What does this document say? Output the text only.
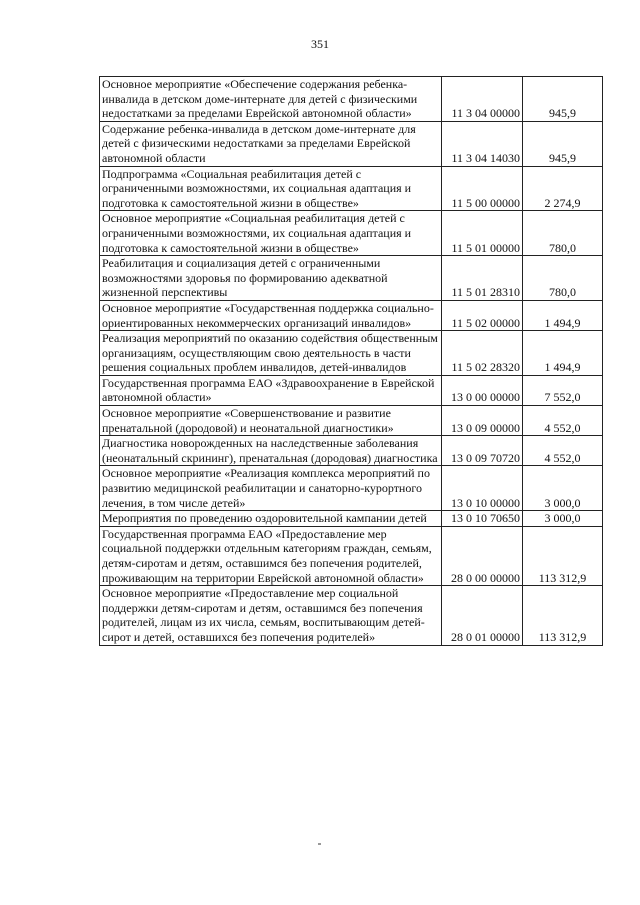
351
Основное мероприятие «Обеспечение содержания ребенка-инвалида в детском доме-интернате для детей с физическими недостатками за пределами Еврейской автономной области»	11 3 04 00000	945,9
Содержание ребенка-инвалида в детском доме-интернате для детей с физическими недостатками за пределами Еврейской автономной области	11 3 04 14030	945,9
Подпрограмма «Социальная реабилитация детей с ограниченными возможностями, их социальная адаптация и подготовка к самостоятельной жизни в обществе»	11 5 00 00000	2 274,9
Основное мероприятие «Социальная реабилитация детей с ограниченными возможностями, их социальная адаптация и подготовка к самостоятельной жизни в обществе»	11 5 01 00000	780,0
Реабилитация и социализация детей с ограниченными возможностями здоровья по формированию адекватной жизненной перспективы	11 5 01 28310	780,0
Основное мероприятие «Государственная поддержка социально-ориентированных некоммерческих организаций инвалидов»	11 5 02 00000	1 494,9
Реализация мероприятий по оказанию содействия общественным организациям, осуществляющим свою деятельность в части решения социальных проблем инвалидов, детей-инвалидов	11 5 02 28320	1 494,9
Государственная программа ЕАО «Здравоохранение в Еврейской автономной области»	13 0 00 00000	7 552,0
Основное мероприятие «Совершенствование и развитие пренатальной (дородовой) и неонатальной диагностики»	13 0 09 00000	4 552,0
Диагностика новорожденных на наследственные заболевания (неонатальный скрининг), пренатальная (дородовая) диагностика	13 0 09 70720	4 552,0
Основное мероприятие «Реализация комплекса мероприятий по развитию медицинской реабилитации и санаторно-курортного лечения, в том числе детей»	13 0 10 00000	3 000,0
Мероприятия по проведению оздоровительной кампании детей	13 0 10 70650	3 000,0
Государственная программа ЕАО «Предоставление мер социальной поддержки отдельным категориям граждан, семьям, детям-сиротам и детям, оставшимся без попечения родителей, проживающим на территории Еврейской автономной области»	28 0 00 00000	113 312,9
Основное мероприятие «Предоставление мер социальной поддержки детям-сиротам и детям, оставшимся без попечения родителей, лицам из их числа, семьям, воспитывающим детей-сирот и детей, оставшихся без попечения родителей»	28 0 01 00000	113 312,9
